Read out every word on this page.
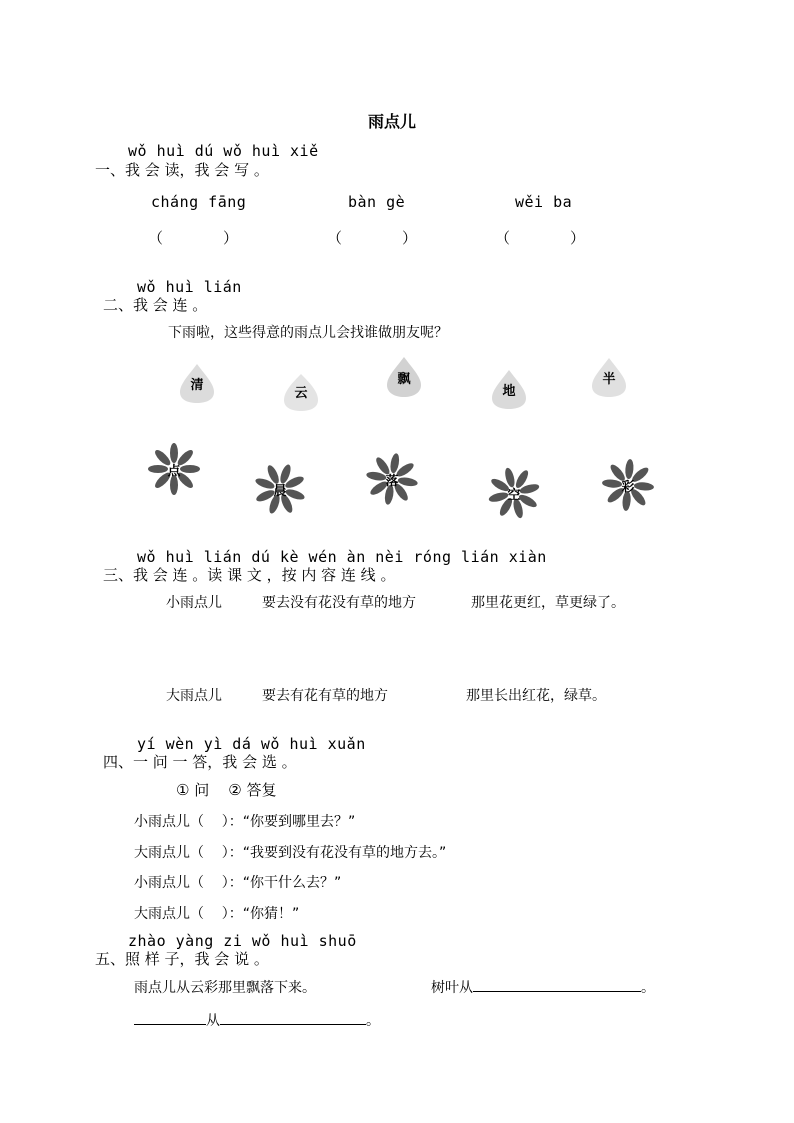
雨点儿
wǒ huì dú wǒ huì xiě
一、我 会 读，我 会 写 。
cháng fāng	bàn gè	wěi ba
（	）	（	）	（	）
wǒ huì lián
二、我 会 连 。
下雨啦，这些得意的雨点儿会找谁做朋友呢？
清
云
飘
地
半
点
晨
落
空
彩
wǒ huì lián dú kè wén àn nèi róng lián xiàn
三、我 会 连 。读 课 文 ，按 内 容 连 线 。
小雨点儿	要去没有花没有草的地方	那里花更红，草更绿了。
大雨点儿	要去有花有草的地方	那里长出红花，绿草。
yí wèn yì dá wǒ huì xuǎn
四、一 问 一 答，我 会 选 。
① 问    ② 答复
小雨点儿（    ）：“你要到哪里去？”
大雨点儿（    ）：“我要到没有花没有草的地方去。”
小雨点儿（    ）：“你干什么去？”
大雨点儿（    ）：“你猜！”
zhào yàng zi wǒ huì shuō
五、照 样 子，我 会 说 。
雨点儿从云彩那里飘落下来。	树叶从	。
从	。
